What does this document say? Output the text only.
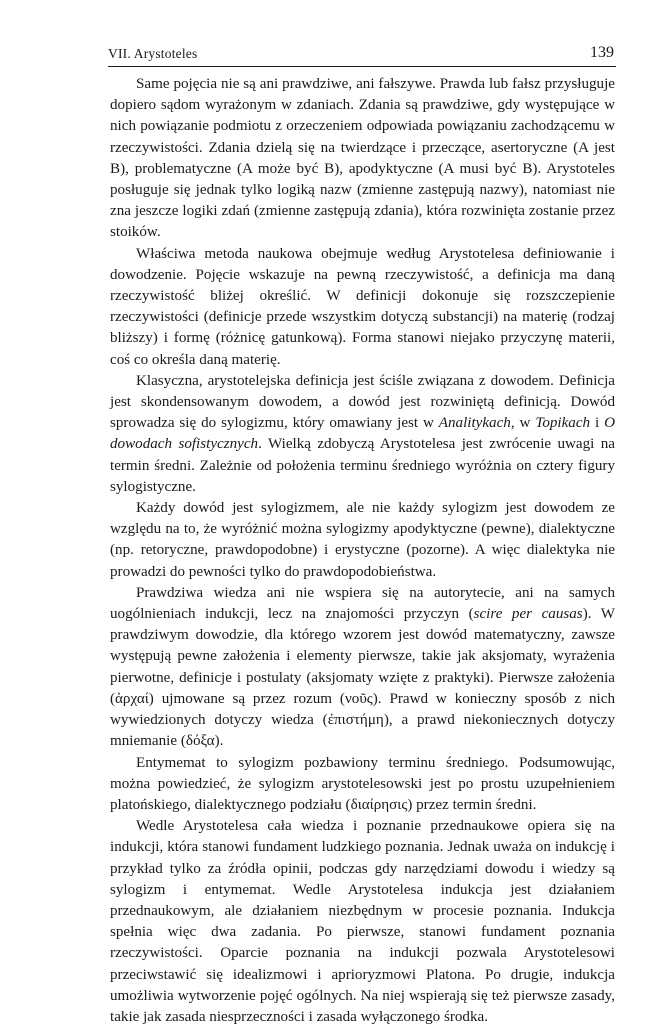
VII. Arystoteles	139

Same pojęcia nie są ani prawdziwe, ani fałszywe. Prawda lub fałsz przysługuje dopiero sądom wyrażonym w zdaniach. Zdania są prawdziwe, gdy występujące w nich powiązanie podmiotu z orzeczeniem odpowiada powiązaniu zachodzącemu w rzeczywistości. Zdania dzielą się na twierdzące i przeczące, asertoryczne (A jest B), problematyczne (A może być B), apodyktyczne (A musi być B). Arystoteles posługuje się jednak tylko logiką nazw (zmienne zastępują nazwy), natomiast nie zna jeszcze logiki zdań (zmienne zastępują zdania), która rozwinięta zostanie przez stoików.

Właściwa metoda naukowa obejmuje według Arystotelesa definiowanie i dowodzenie. Pojęcie wskazuje na pewną rzeczywistość, a definicja ma daną rzeczywistość bliżej określić. W definicji dokonuje się rozszczepienie rzeczywistości (definicje przede wszystkim dotyczą substancji) na materię (rodzaj bliższy) i formę (różnicę gatunkową). Forma stanowi niejako przyczynę materii, coś co określa daną materię.

Klasyczna, arystotelejska definicja jest ściśle związana z dowodem. Definicja jest skondensowanym dowodem, a dowód jest rozwiniętą definicją. Dowód sprowadza się do sylogizmu, który omawiany jest w Analitykach, w Topikach i O dowodach sofistycznych. Wielką zdobyczą Arystotelesa jest zwrócenie uwagi na termin średni. Zależnie od położenia terminu średniego wyróżnia on cztery figury sylogistyczne.

Każdy dowód jest sylogizmem, ale nie każdy sylogizm jest dowodem ze względu na to, że wyróżnić można sylogizmy apodyktyczne (pewne), dialektyczne (np. retoryczne, prawdopodobne) i erystyczne (pozorne). A więc dialektyka nie prowadzi do pewności tylko do prawdopodobieństwa.

Prawdziwa wiedza ani nie wspiera się na autorytecie, ani na samych uogólnieniach indukcji, lecz na znajomości przyczyn (scire per causas). W prawdziwym dowodzie, dla którego wzorem jest dowód matematyczny, zawsze występują pewne założenia i elementy pierwsze, takie jak aksjomaty, wyrażenia pierwotne, definicje i postulaty (aksjomaty wzięte z praktyki). Pierwsze założenia (ἀρχαί) ujmowane są przez rozum (νοῦς). Prawd w konieczny sposób z nich wywiedzionych dotyczy wiedza (ἐπιστήμη), a prawd niekoniecznych dotyczy mniemanie (δόξα).

Entymemat to sylogizm pozbawiony terminu średniego. Podsumowując, można powiedzieć, że sylogizm arystotelesowski jest po prostu uzupełnieniem platońskiego, dialektycznego podziału (διαίρησις) przez termin średni.

Wedle Arystotelesa cała wiedza i poznanie przednaukowe opiera się na indukcji, która stanowi fundament ludzkiego poznania. Jednak uważa on indukcję i przykład tylko za źródła opinii, podczas gdy narzędziami dowodu i wiedzy są sylogizm i entymemat. Wedle Arystotelesa indukcja jest działaniem przednaukowym, ale działaniem niezbędnym w procesie poznania. Indukcja spełnia więc dwa zadania. Po pierwsze, stanowi fundament poznania rzeczywistości. Oparcie poznania na indukcji pozwala Arystotelesowi przeciwstawić się idealizmowi i aprioryzmowi Platona. Po drugie, indukcja umożliwia wytworzenie pojęć ogólnych. Na niej wspierają się też pierwsze zasady, takie jak zasada niesprzeczności i zasada wyłączonego środka.
